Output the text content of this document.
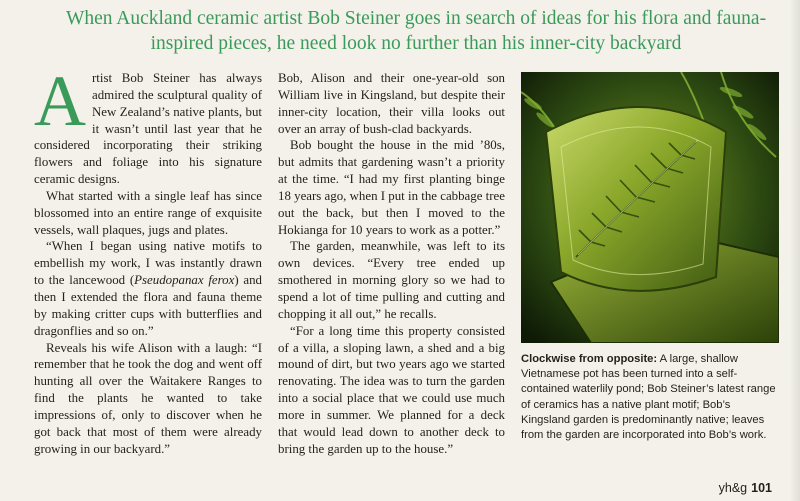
When Auckland ceramic artist Bob Steiner goes in search of ideas for his flora and fauna-inspired pieces, he need look no further than his inner-city backyard

Artist Bob Steiner has always admired the sculptural quality of New Zealand’s native plants, but it wasn’t until last year that he considered incorporating their striking flowers and foliage into his signature ceramic designs.

What started with a single leaf has since blossomed into an entire range of exquisite vessels, wall plaques, jugs and plates.

“When I began using native motifs to embellish my work, I was instantly drawn to the lancewood (Pseudopanax ferox) and then I extended the flora and fauna theme by making critter cups with butterflies and dragonflies and so on.”

Reveals his wife Alison with a laugh: “I remember that he took the dog and went off hunting all over the Waitakere Ranges to find the plants he wanted to take impressions of, only to discover when he got back that most of them were already growing in our backyard.”

Bob, Alison and their one-year-old son William live in Kingsland, but despite their inner-city location, their villa looks out over an array of bush-clad backyards.

Bob bought the house in the mid ’80s, but admits that gardening wasn’t a priority at the time. “I had my first planting binge 18 years ago, when I put in the cabbage tree out the back, but then I moved to the Hokianga for 10 years to work as a potter.”

The garden, meanwhile, was left to its own devices. “Every tree ended up smothered in morning glory so we had to spend a lot of time pulling and cutting and chopping it all out,” he recalls.

“For a long time this property consisted of a villa, a sloping lawn, a shed and a big mound of dirt, but two years ago we started renovating. The idea was to turn the garden into a social place that we could use much more in summer. We planned for a deck that would lead down to another deck to bring the garden up to the house.”

Clockwise from opposite: A large, shallow Vietnamese pot has been turned into a self-contained waterlily pond; Bob Steiner’s latest range of ceramics has a native plant motif; Bob’s Kingsland garden is predominantly native; leaves from the garden are incorporated into Bob’s work.
yh&g 101
